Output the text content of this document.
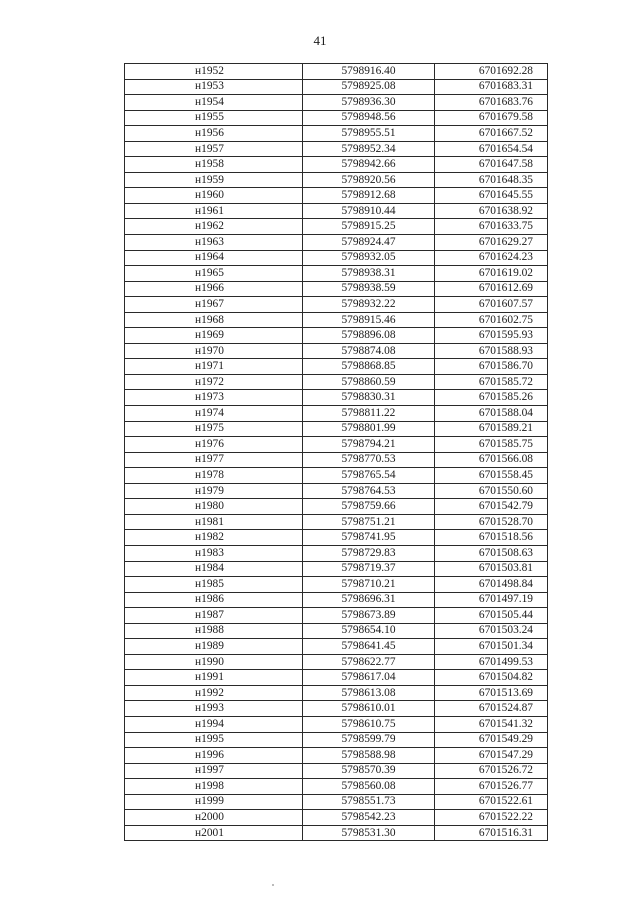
41
н1952	5798916.40	6701692.28
н1953	5798925.08	6701683.31
н1954	5798936.30	6701683.76
н1955	5798948.56	6701679.58
н1956	5798955.51	6701667.52
н1957	5798952.34	6701654.54
н1958	5798942.66	6701647.58
н1959	5798920.56	6701648.35
н1960	5798912.68	6701645.55
н1961	5798910.44	6701638.92
н1962	5798915.25	6701633.75
н1963	5798924.47	6701629.27
н1964	5798932.05	6701624.23
н1965	5798938.31	6701619.02
н1966	5798938.59	6701612.69
н1967	5798932.22	6701607.57
н1968	5798915.46	6701602.75
н1969	5798896.08	6701595.93
н1970	5798874.08	6701588.93
н1971	5798868.85	6701586.70
н1972	5798860.59	6701585.72
н1973	5798830.31	6701585.26
н1974	5798811.22	6701588.04
н1975	5798801.99	6701589.21
н1976	5798794.21	6701585.75
н1977	5798770.53	6701566.08
н1978	5798765.54	6701558.45
н1979	5798764.53	6701550.60
н1980	5798759.66	6701542.79
н1981	5798751.21	6701528.70
н1982	5798741.95	6701518.56
н1983	5798729.83	6701508.63
н1984	5798719.37	6701503.81
н1985	5798710.21	6701498.84
н1986	5798696.31	6701497.19
н1987	5798673.89	6701505.44
н1988	5798654.10	6701503.24
н1989	5798641.45	6701501.34
н1990	5798622.77	6701499.53
н1991	5798617.04	6701504.82
н1992	5798613.08	6701513.69
н1993	5798610.01	6701524.87
н1994	5798610.75	6701541.32
н1995	5798599.79	6701549.29
н1996	5798588.98	6701547.29
н1997	5798570.39	6701526.72
н1998	5798560.08	6701526.77
н1999	5798551.73	6701522.61
н2000	5798542.23	6701522.22
н2001	5798531.30	6701516.31
